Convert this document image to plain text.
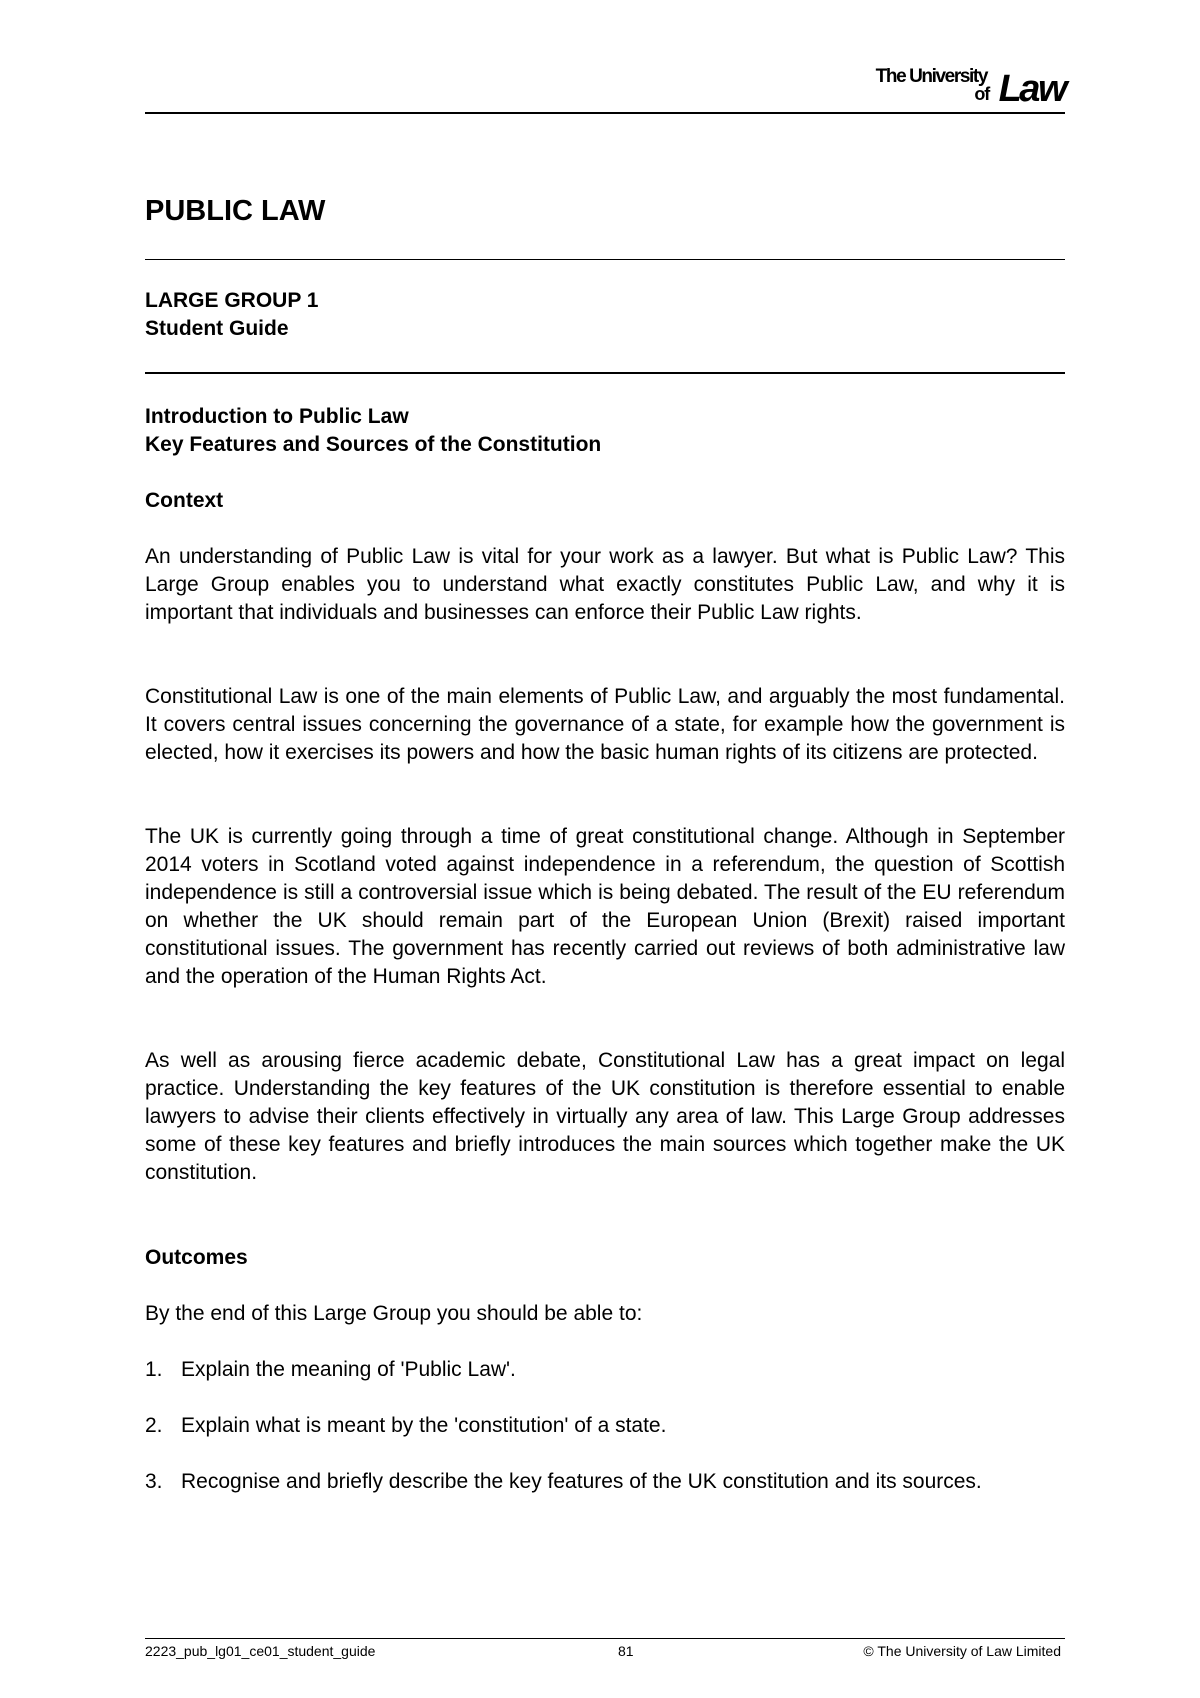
The University
of Law
PUBLIC LAW

LARGE GROUP 1

Student Guide

Introduction to Public Law

Key Features and Sources of the Constitution

Context

An understanding of Public Law is vital for your work as a lawyer. But what is Public Law? This Large Group enables you to understand what exactly constitutes Public Law, and why it is important that individuals and businesses can enforce their Public Law rights.

Constitutional Law is one of the main elements of Public Law, and arguably the most fundamental. It covers central issues concerning the governance of a state, for example how the government is elected, how it exercises its powers and how the basic human rights of its citizens are protected.

The UK is currently going through a time of great constitutional change. Although in September 2014 voters in Scotland voted against independence in a referendum, the question of Scottish independence is still a controversial issue which is being debated. The result of the EU referendum on whether the UK should remain part of the European Union (Brexit) raised important constitutional issues. The government has recently carried out reviews of both administrative law and the operation of the Human Rights Act.

As well as arousing fierce academic debate, Constitutional Law has a great impact on legal practice. Understanding the key features of the UK constitution is therefore essential to enable lawyers to advise their clients effectively in virtually any area of law. This Large Group addresses some of these key features and briefly introduces the main sources which together make the UK constitution.

Outcomes

By the end of this Large Group you should be able to:

1. Explain the meaning of 'Public Law'.
2. Explain what is meant by the 'constitution' of a state.
3. Recognise and briefly describe the key features of the UK constitution and its sources.
2223_pub_lg01_ce01_student_guide	81	© The University of Law Limited
